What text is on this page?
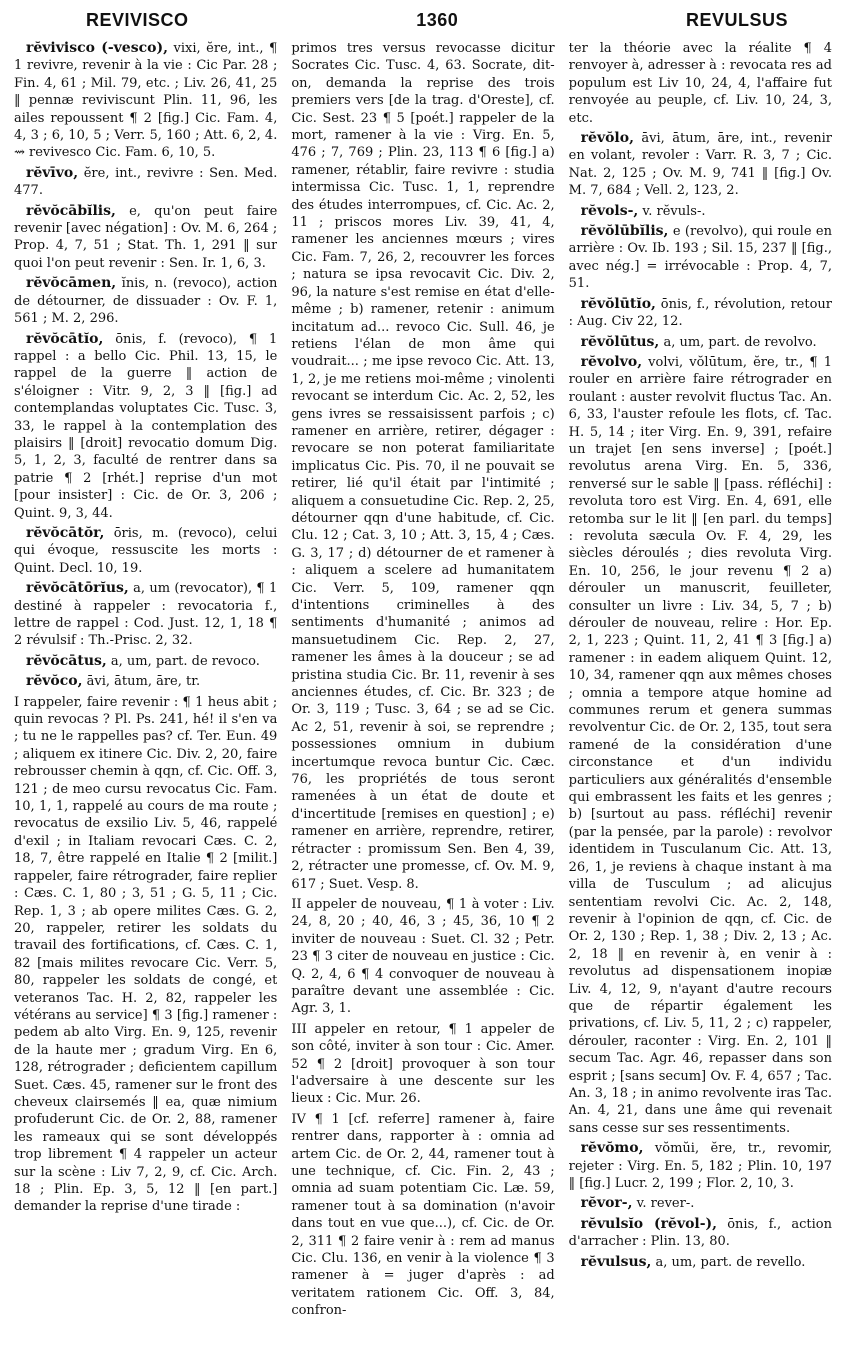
REVIVISCO	1360	REVULSUS

rĕvivisco (-vesco), vixi, ĕre, int., ¶ 1 revivre, revenir à la vie : Cic Par. 28 ; Fin. 4, 61 ; Mil. 79, etc. ; Liv. 26, 41, 25 ‖ pennæ reviviscunt Plin. 11, 96, les ailes repoussent ¶ 2 [fig.] Cic. Fam. 4, 4, 3 ; 6, 10, 5 ; Verr. 5, 160 ; Att. 6, 2, 4. ⇝ revivesco Cic. Fam. 6, 10, 5.

rĕvīvo, ĕre, int., revivre : Sen. Med. 477.

rĕvŏcābĭlis, e, qu'on peut faire revenir [avec négation] : Ov. M. 6, 264 ; Prop. 4, 7, 51 ; Stat. Th. 1, 291 ‖ sur quoi l'on peut revenir : Sen. Ir. 1, 6, 3.

rĕvŏcāmen, ĭnis, n. (revoco), action de détourner, de dissuader : Ov. F. 1, 561 ; M. 2, 296.

rĕvŏcātĭo, ōnis, f. (revoco), ¶ 1 rappel : a bello Cic. Phil. 13, 15, le rappel de la guerre ‖ action de s'éloigner : Vitr. 9, 2, 3 ‖ [fig.] ad contemplandas voluptates Cic. Tusc. 3, 33, le rappel à la contemplation des plaisirs ‖ [droit] revocatio domum Dig. 5, 1, 2, 3, faculté de rentrer dans sa patrie ¶ 2 [rhét.] reprise d'un mot [pour insister] : Cic. de Or. 3, 206 ; Quint. 9, 3, 44.

rĕvŏcātŏr, ōris, m. (revoco), celui qui évoque, ressuscite les morts : Quint. Decl. 10, 19.

rĕvŏcātōrĭus, a, um (revocator), ¶ 1 destiné à rappeler : revocatoria f., lettre de rappel : Cod. Just. 12, 1, 18 ¶ 2 révulsif : Th.-Prisc. 2, 32.

rĕvŏcātus, a, um, part. de revoco.

rĕvŏco, āvi, ātum, āre, tr.

I rappeler, faire revenir : ¶ 1 heus abit ; quin revocas ? Pl. Ps. 241, hé! il s'en va ; tu ne le rappelles pas? cf. Ter. Eun. 49 ; aliquem ex itinere Cic. Div. 2, 20, faire rebrousser chemin à qqn, cf. Cic. Off. 3, 121 ; de meo cursu revocatus Cic. Fam. 10, 1, 1, rappelé au cours de ma route ; revocatus de exsilio Liv. 5, 46, rappelé d'exil ; in Italiam revocari Cæs. C. 2, 18, 7, être rappelé en Italie ¶ 2 [milit.] rappeler, faire rétrograder, faire replier : Cæs. C. 1, 80 ; 3, 51 ; G. 5, 11 ; Cic. Rep. 1, 3 ; ab opere milites Cæs. G. 2, 20, rappeler, retirer les soldats du travail des fortifications, cf. Cæs. C. 1, 82 [mais milites revocare Cic. Verr. 5, 80, rappeler les soldats de congé, et veteranos Tac. H. 2, 82, rappeler les vétérans au service] ¶ 3 [fig.] ramener : pedem ab alto Virg. En. 9, 125, revenir de la haute mer ; gradum Virg. En 6, 128, rétrograder ; deficientem capillum Suet. Cæs. 45, ramener sur le front des cheveux clairsemés ‖ ea, quæ nimium profuderunt Cic. de Or. 2, 88, ramener les rameaux qui se sont développés trop librement ¶ 4 rappeler un acteur sur la scène : Liv 7, 2, 9, cf. Cic. Arch. 18 ; Plin. Ep. 3, 5, 12 ‖ [en part.] demander la reprise d'une tirade :

primos tres versus revocasse dicitur Socrates Cic. Tusc. 4, 63. Socrate, dit-on, demanda la reprise des trois premiers vers [de la trag. d'Oreste], cf. Cic. Sest. 23 ¶ 5 [poét.] rappeler de la mort, ramener à la vie : Virg. En. 5, 476 ; 7, 769 ; Plin. 23, 113 ¶ 6 [fig.] a) ramener, rétablir, faire revivre : studia intermissa Cic. Tusc. 1, 1, reprendre des études interrompues, cf. Cic. Ac. 2, 11 ; priscos mores Liv. 39, 41, 4, ramener les anciennes mœurs ; vires Cic. Fam. 7, 26, 2, recouvrer les forces ; natura se ipsa revocavit Cic. Div. 2, 96, la nature s'est remise en état d'elle-même ; b) ramener, retenir : animum incitatum ad... revoco Cic. Sull. 46, je retiens l'élan de mon âme qui voudrait... ; me ipse revoco Cic. Att. 13, 1, 2, je me retiens moi-même ; vinolenti revocant se interdum Cic. Ac. 2, 52, les gens ivres se ressaisissent parfois ; c) ramener en arrière, retirer, dégager : revocare se non poterat familiaritate implicatus Cic. Pis. 70, il ne pouvait se retirer, lié qu'il était par l'intimité ; aliquem a consuetudine Cic. Rep. 2, 25, détourner qqn d'une habitude, cf. Cic. Clu. 12 ; Cat. 3, 10 ; Att. 3, 15, 4 ; Cæs. G. 3, 17 ; d) détourner de et ramener à : aliquem a scelere ad humanitatem Cic. Verr. 5, 109, ramener qqn d'intentions criminelles à des sentiments d'humanité ; animos ad mansuetudinem Cic. Rep. 2, 27, ramener les âmes à la douceur ; se ad pristina studia Cic. Br. 11, revenir à ses anciennes études, cf. Cic. Br. 323 ; de Or. 3, 119 ; Tusc. 3, 64 ; se ad se Cic. Ac 2, 51, revenir à soi, se reprendre ; possessiones omnium in dubium incertumque revoca buntur Cic. Cæc. 76, les propriétés de tous seront ramenées à un état de doute et d'incertitude [remises en question] ; e) ramener en arrière, reprendre, retirer, rétracter : promissum Sen. Ben 4, 39, 2, rétracter une promesse, cf. Ov. M. 9, 617 ; Suet. Vesp. 8.

II appeler de nouveau, ¶ 1 à voter : Liv. 24, 8, 20 ; 40, 46, 3 ; 45, 36, 10 ¶ 2 inviter de nouveau : Suet. Cl. 32 ; Petr. 23 ¶ 3 citer de nouveau en justice : Cic. Q. 2, 4, 6 ¶ 4 convoquer de nouveau à paraître devant une assemblée : Cic. Agr. 3, 1.

III appeler en retour, ¶ 1 appeler de son côté, inviter à son tour : Cic. Amer. 52 ¶ 2 [droit] provoquer à son tour l'adversaire à une descente sur les lieux : Cic. Mur. 26.

IV ¶ 1 [cf. referre] ramener à, faire rentrer dans, rapporter à : omnia ad artem Cic. de Or. 2, 44, ramener tout à une technique, cf. Cic. Fin. 2, 43 ; omnia ad suam potentiam Cic. Læ. 59, ramener tout à sa domination (n'avoir dans tout en vue que...), cf. Cic. de Or. 2, 311 ¶ 2 faire venir à : rem ad manus Cic. Clu. 136, en venir à la violence ¶ 3 ramener à = juger d'après : ad veritatem rationem Cic. Off. 3, 84, confron-

ter la théorie avec la réalite ¶ 4 renvoyer à, adresser à : revocata res ad populum est Liv 10, 24, 4, l'affaire fut renvoyée au peuple, cf. Liv. 10, 24, 3, etc.

rĕvŏlo, āvi, ātum, āre, int., revenir en volant, revoler : Varr. R. 3, 7 ; Cic. Nat. 2, 125 ; Ov. M. 9, 741 ‖ [fig.] Ov. M. 7, 684 ; Vell. 2, 123, 2.

rĕvols-, v. rĕvuls-.

rĕvŏlūbĭlis, e (revolvo), qui roule en arrière : Ov. Ib. 193 ; Sil. 15, 237 ‖ [fig., avec nég.] = irrévocable : Prop. 4, 7, 51.

rĕvŏlūtĭo, ōnis, f., révolution, retour : Aug. Civ 22, 12.

rĕvŏlūtus, a, um, part. de revolvo.

rĕvolvo, volvi, vŏlūtum, ĕre, tr., ¶ 1 rouler en arrière faire rétrograder en roulant : auster revolvit fluctus Tac. An. 6, 33, l'auster refoule les flots, cf. Tac. H. 5, 14 ; iter Virg. En. 9, 391, refaire un trajet [en sens inverse] ; [poét.] revolutus arena Virg. En. 5, 336, renversé sur le sable ‖ [pass. réfléchi] : revoluta toro est Virg. En. 4, 691, elle retomba sur le lit ‖ [en parl. du temps] : revoluta sæcula Ov. F. 4, 29, les siècles déroulés ; dies revoluta Virg. En. 10, 256, le jour revenu ¶ 2 a) dérouler un manuscrit, feuilleter, consulter un livre : Liv. 34, 5, 7 ; b) dérouler de nouveau, relire : Hor. Ep. 2, 1, 223 ; Quint. 11, 2, 41 ¶ 3 [fig.] a) ramener : in eadem aliquem Quint. 12, 10, 34, ramener qqn aux mêmes choses ; omnia a tempore atque homine ad communes rerum et genera summas revolventur Cic. de Or. 2, 135, tout sera ramené de la considération d'une circonstance et d'un individu particuliers aux généralités d'ensemble qui embrassent les faits et les genres ; b) [surtout au pass. réfléchi] revenir (par la pensée, par la parole) : revolvor identidem in Tusculanum Cic. Att. 13, 26, 1, je reviens à chaque instant à ma villa de Tusculum ; ad alicujus sententiam revolvi Cic. Ac. 2, 148, revenir à l'opinion de qqn, cf. Cic. de Or. 2, 130 ; Rep. 1, 38 ; Div. 2, 13 ; Ac. 2, 18 ‖ en revenir à, en venir à : revolutus ad dispensationem inopiæ Liv. 4, 12, 9, n'ayant d'autre recours que de répartir également les privations, cf. Liv. 5, 11, 2 ; c) rappeler, dérouler, raconter : Virg. En. 2, 101 ‖ secum Tac. Agr. 46, repasser dans son esprit ; [sans secum] Ov. F. 4, 657 ; Tac. An. 3, 18 ; in animo revolvente iras Tac. An. 4, 21, dans une âme qui revenait sans cesse sur ses ressentiments.

rĕvŏmo, vŏmŭi, ĕre, tr., revomir, rejeter : Virg. En. 5, 182 ; Plin. 10, 197 ‖ [fig.] Lucr. 2, 199 ; Flor. 2, 10, 3.

rĕvor-, v. rever-.

rĕvulsĭo (rĕvol-), ōnis, f., action d'arracher : Plin. 13, 80.

rĕvulsus, a, um, part. de revello.
